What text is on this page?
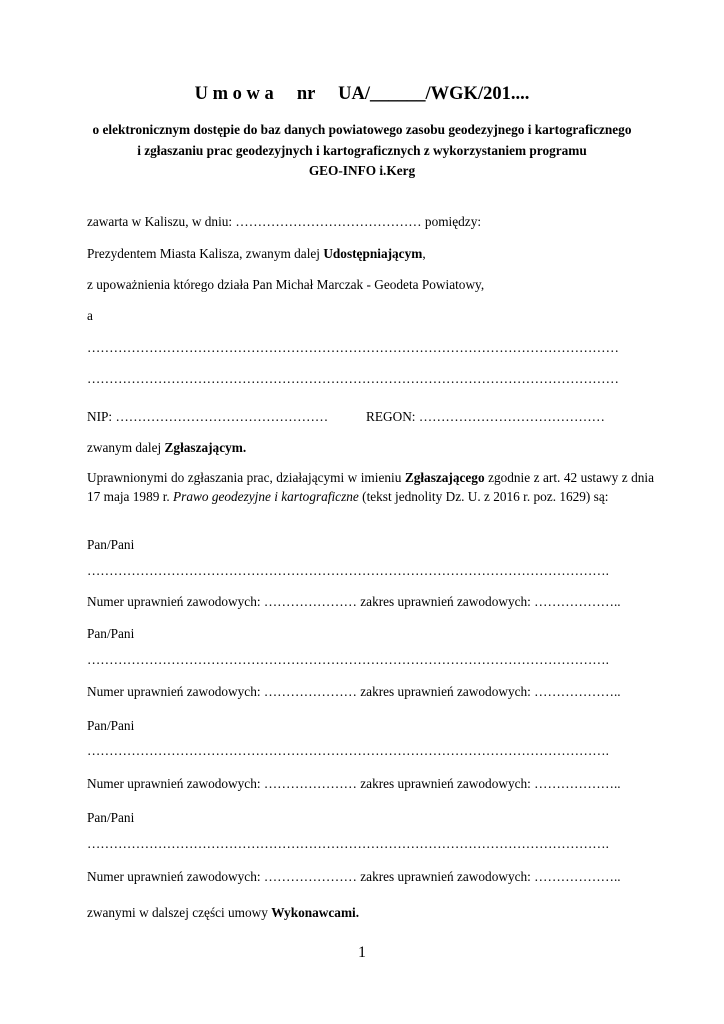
U m o w a     nr     UA/______/WGK/201....
o elektronicznym dostępie do baz danych powiatowego zasobu geodezyjnego i kartograficznego
i zgłaszaniu prac geodezyjnych i kartograficznych z wykorzystaniem programu
GEO-INFO i.Kerg
zawarta w Kaliszu, w dniu: …………………………………… pomiędzy:
Prezydentem Miasta Kalisza, zwanym dalej Udostępniającym,
z upoważnienia którego działa Pan Michał Marczak - Geodeta Powiatowy,
a
…………………………………………………………………………………………………………
…………………………………………………………………………………………………………
NIP: …………………………………………	REGON: ……………………………………
zwanym dalej Zgłaszającym.
Uprawnionymi do zgłaszania prac, działającymi w imieniu Zgłaszającego zgodnie z art. 42 ustawy z dnia 17 maja 1989 r. Prawo geodezyjne i kartograficzne (tekst jednolity Dz. U. z 2016 r. poz. 1629) są:
Pan/Pani
……………………………………………………………………………………………………….
Numer uprawnień zawodowych: ………………… zakres uprawnień zawodowych: ………………..
Pan/Pani
……………………………………………………………………………………………………….
Numer uprawnień zawodowych: ………………… zakres uprawnień zawodowych: ………………..
Pan/Pani
……………………………………………………………………………………………………….
Numer uprawnień zawodowych: ………………… zakres uprawnień zawodowych: ………………..
Pan/Pani
……………………………………………………………………………………………………….
Numer uprawnień zawodowych: ………………… zakres uprawnień zawodowych: ………………..
zwanymi w dalszej części umowy Wykonawcami.
1
